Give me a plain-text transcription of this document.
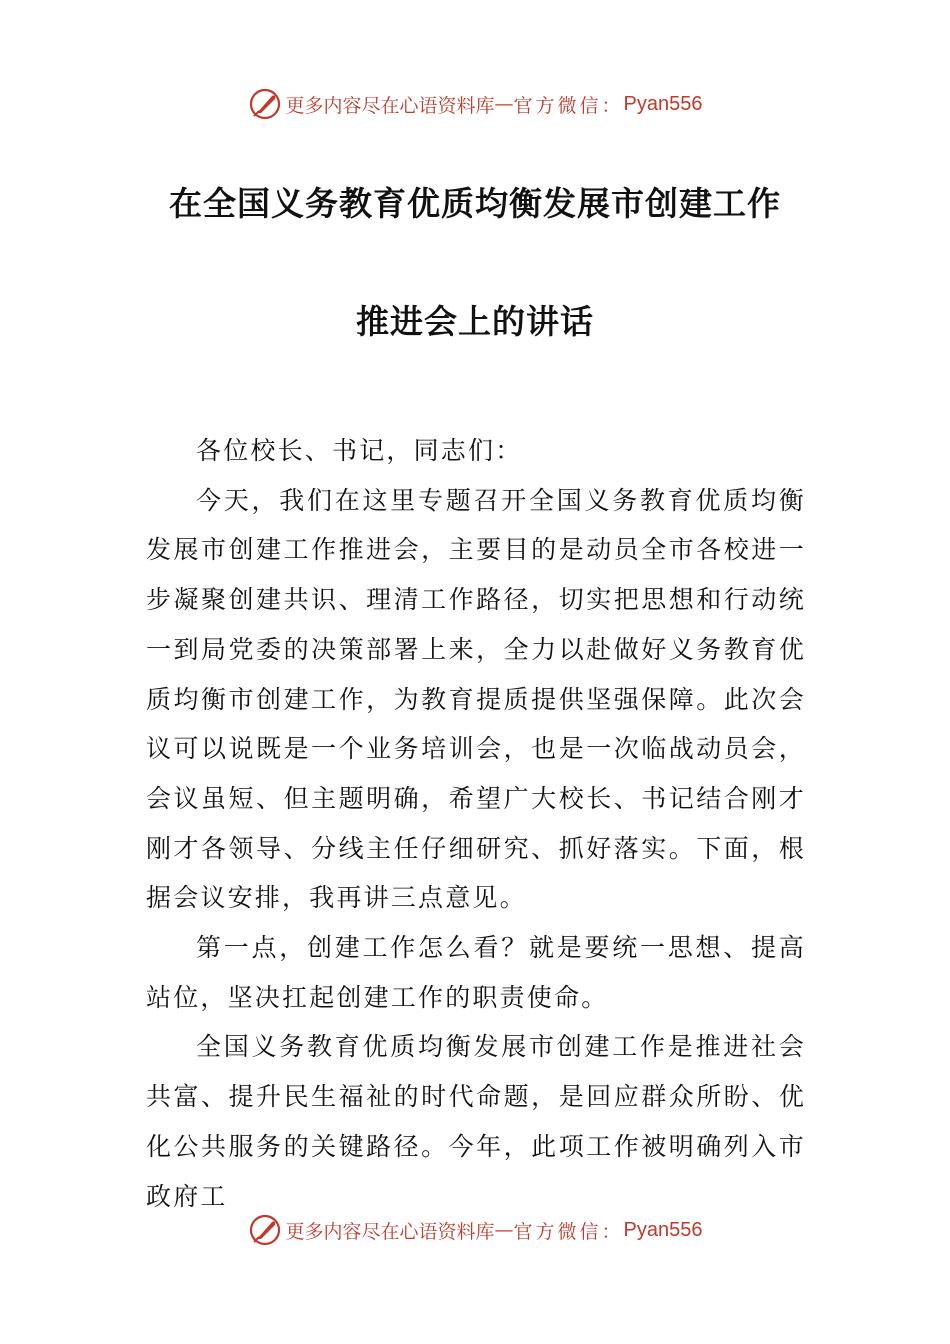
更多内容尽在心语资料库 — 官方微信： Pyan556
在全国义务教育优质均衡发展市创建工作
推进会上的讲话

各位校长、书记，同志们：

今天，我们在这里专题召开全国义务教育优质均衡发展市创建工作推进会，主要目的是动员全市各校进一步凝聚创建共识、理清工作路径，切实把思想和行动统一到局党委的决策部署上来，全力以赴做好义务教育优质均衡市创建工作，为教育提质提供坚强保障。此次会议可以说既是一个业务培训会，也是一次临战动员会，会议虽短、但主题明确，希望广大校长、书记结合刚才刚才各领导、分线主任仔细研究、抓好落实。下面，根据会议安排，我再讲三点意见。

第一点，创建工作怎么看？就是要统一思想、提高站位，坚决扛起创建工作的职责使命。

全国义务教育优质均衡发展市创建工作是推进社会共富、提升民生福祉的时代命题，是回应群众所盼、优化公共服务的关键路径。今年，此项工作被明确列入市政府工

更多内容尽在心语资料库 — 官方微信： Pyan556
